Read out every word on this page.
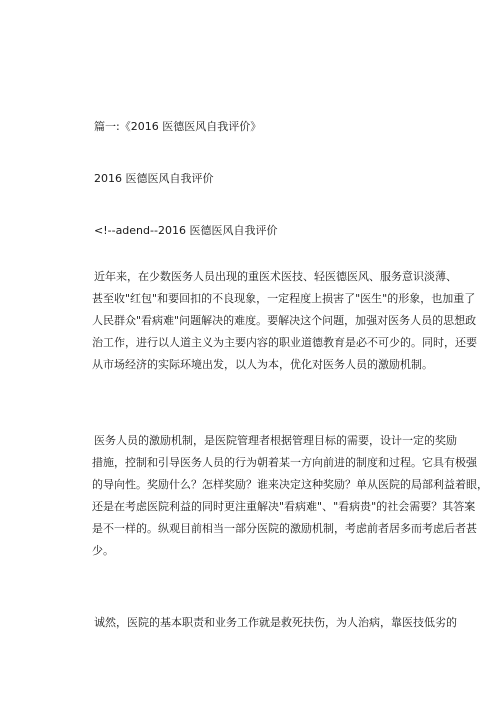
篇一:《2016 医德医风自我评价》
2016 医德医风自我评价
<!--adend--2016 医德医风自我评价
近年来，在少数医务人员出现的重医术医技、轻医德医风、服务意识淡薄、
甚至收"红包"和要回扣的不良现象，一定程度上损害了"医生"的形象，也加重了
人民群众"看病难"问题解决的难度。要解决这个问题，加强对医务人员的思想政
治工作，进行以人道主义为主要内容的职业道德教育是必不可少的。同时，还要
从市场经济的实际环境出发，以人为本，优化对医务人员的激励机制。
医务人员的激励机制，是医院管理者根据管理目标的需要，设计一定的奖励
措施，控制和引导医务人员的行为朝着某一方向前进的制度和过程。它具有极强
的导向性。奖励什么？怎样奖励？谁来决定这种奖励？单从医院的局部利益着眼，
还是在考虑医院利益的同时更注重解决"看病难"、"看病贵"的社会需要？其答案
是不一样的。纵观目前相当一部分医院的激励机制，考虑前者居多而考虑后者甚
少。
诚然，医院的基本职责和业务工作就是救死扶伤，为人治病，靠医技低劣的
